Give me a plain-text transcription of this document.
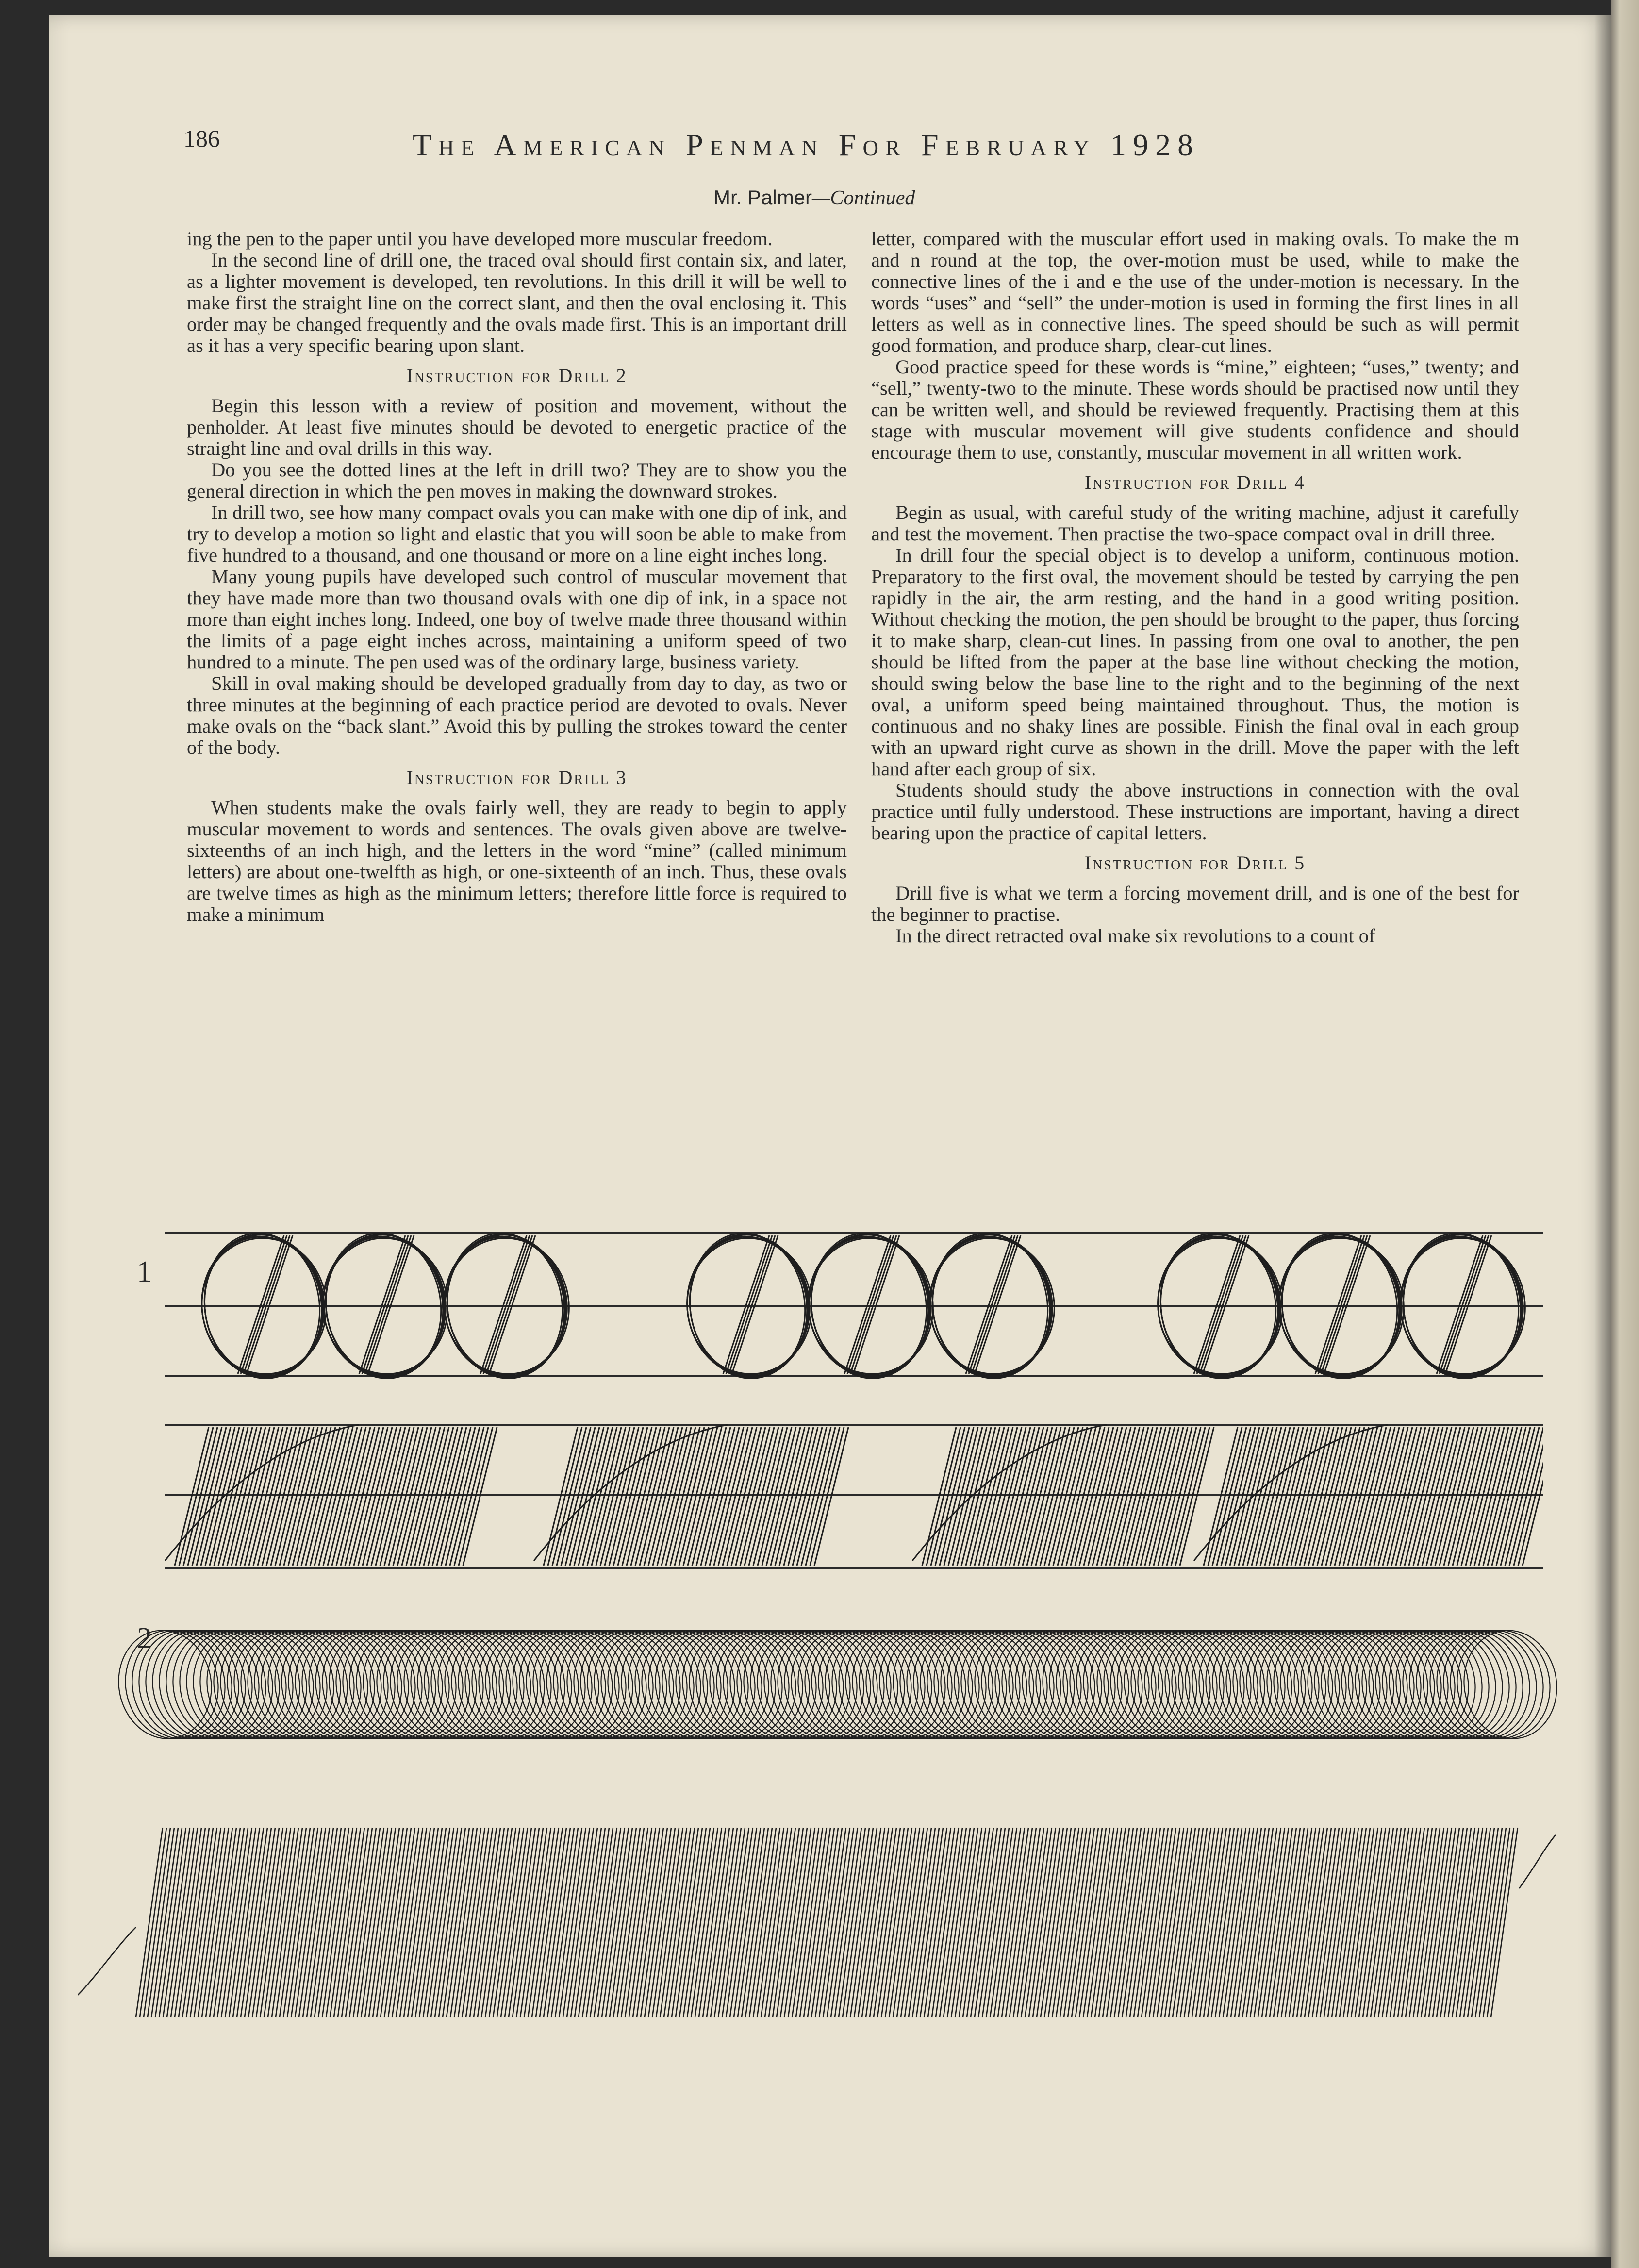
186	The American Penman For February 1928
Mr. Palmer—Continued

ing the pen to the paper until you have developed more muscular freedom.

In the second line of drill one, the traced oval should first contain six, and later, as a lighter movement is developed, ten revolutions. In this drill it will be well to make first the straight line on the correct slant, and then the oval enclosing it. This order may be changed frequently and the ovals made first. This is an important drill as it has a very specific bearing upon slant.

Instruction for Drill 2

Begin this lesson with a review of position and movement, without the penholder. At least five minutes should be devoted to energetic practice of the straight line and oval drills in this way.

Do you see the dotted lines at the left in drill two? They are to show you the general direction in which the pen moves in making the downward strokes.

In drill two, see how many compact ovals you can make with one dip of ink, and try to develop a motion so light and elastic that you will soon be able to make from five hundred to a thousand, and one thousand or more on a line eight inches long.

Many young pupils have developed such control of muscular movement that they have made more than two thousand ovals with one dip of ink, in a space not more than eight inches long. Indeed, one boy of twelve made three thousand within the limits of a page eight inches across, maintaining a uniform speed of two hundred to a minute. The pen used was of the ordinary large, business variety.

Skill in oval making should be developed gradually from day to day, as two or three minutes at the beginning of each practice period are devoted to ovals. Never make ovals on the “back slant.” Avoid this by pulling the strokes toward the center of the body.

Instruction for Drill 3

When students make the ovals fairly well, they are ready to begin to apply muscular movement to words and sentences. The ovals given above are twelve-sixteenths of an inch high, and the letters in the word “mine” (called minimum letters) are about one-twelfth as high, or one-sixteenth of an inch. Thus, these ovals are twelve times as high as the minimum letters; therefore little force is required to make a minimum

letter, compared with the muscular effort used in making ovals. To make the m and n round at the top, the over-motion must be used, while to make the connective lines of the i and e the use of the under-motion is necessary. In the words “uses” and “sell” the under-motion is used in forming the first lines in all letters as well as in connective lines. The speed should be such as will permit good formation, and produce sharp, clear-cut lines.

Good practice speed for these words is “mine,” eighteen; “uses,” twenty; and “sell,” twenty-two to the minute. These words should be practised now until they can be written well, and should be reviewed frequently. Practising them at this stage with muscular movement will give students confidence and should encourage them to use, constantly, muscular movement in all written work.

Instruction for Drill 4

Begin as usual, with careful study of the writing machine, adjust it carefully and test the movement. Then practise the two-space compact oval in drill three.

In drill four the special object is to develop a uniform, continuous motion. Preparatory to the first oval, the movement should be tested by carrying the pen rapidly in the air, the arm resting, and the hand in a good writing position. Without checking the motion, the pen should be brought to the paper, thus forcing it to make sharp, clean-cut lines. In passing from one oval to another, the pen should be lifted from the paper at the base line without checking the motion, should swing below the base line to the right and to the beginning of the next oval, a uniform speed being maintained throughout. Thus, the motion is continuous and no shaky lines are possible. Finish the final oval in each group with an upward right curve as shown in the drill. Move the paper with the left hand after each group of six.

Students should study the above instructions in connection with the oval practice until fully understood. These instructions are important, having a direct bearing upon the practice of capital letters.

Instruction for Drill 5

Drill five is what we term a forcing movement drill, and is one of the best for the beginner to practise.

In the direct retracted oval make six revolutions to a count of

1
2
